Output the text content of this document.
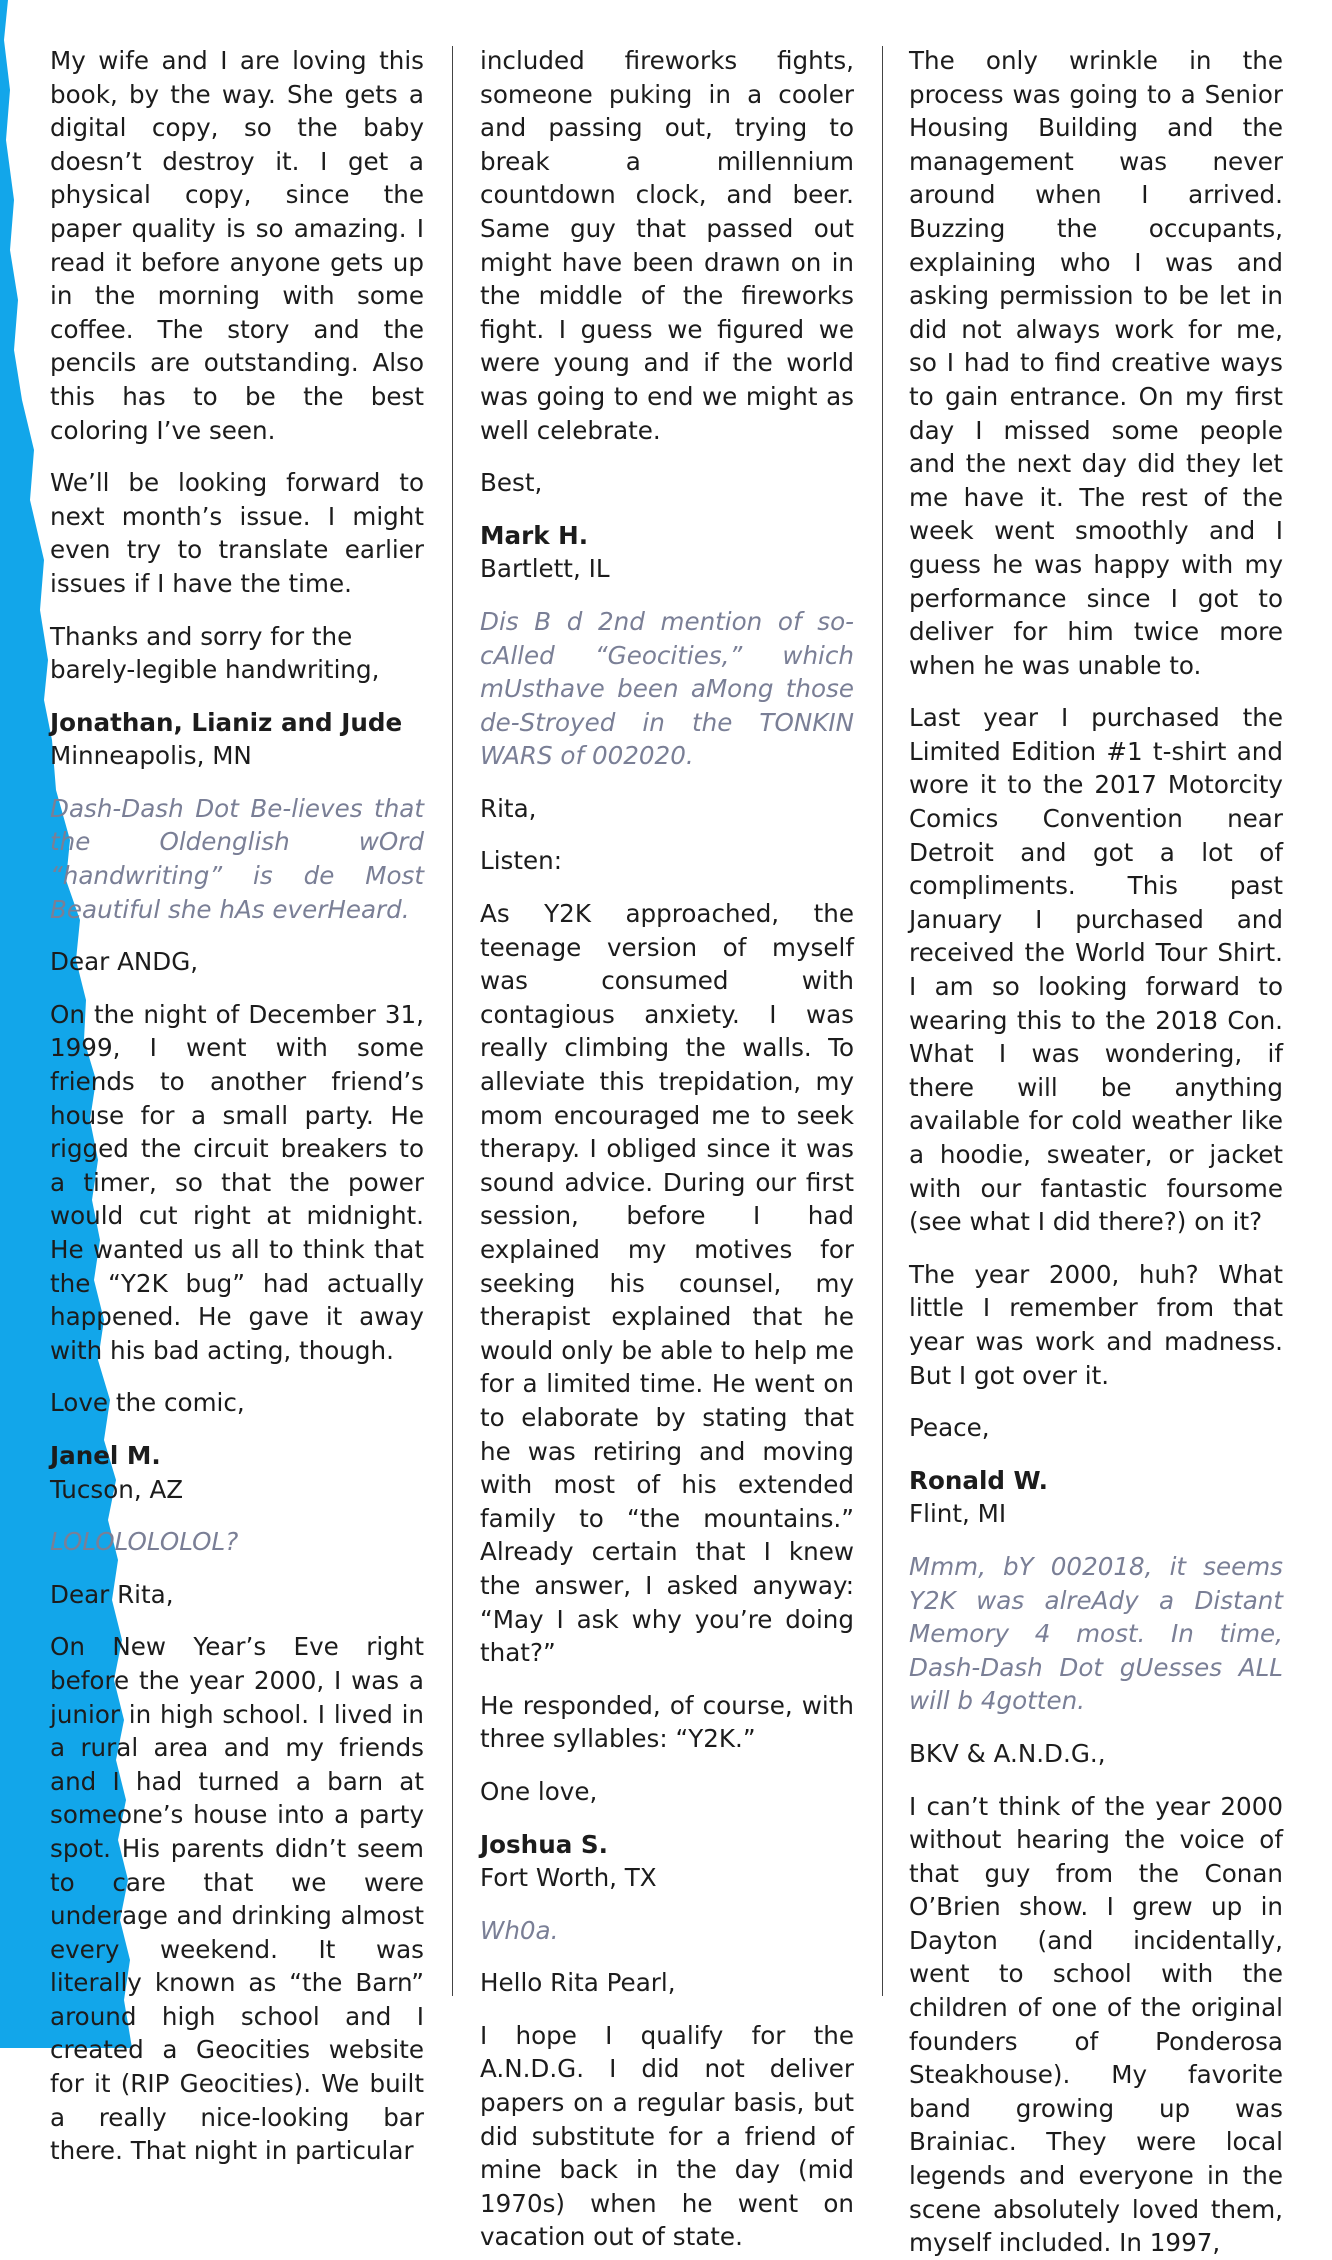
My wife and I are loving this book, by the way. She gets a digital copy, so the baby doesn’t destroy it. I get a physical copy, since the paper quality is so amazing. I read it before anyone gets up in the morning with some coffee. The story and the pencils are outstanding. Also this has to be the best coloring I’ve seen.

We’ll be looking forward to next month’s issue. I might even try to translate earlier issues if I have the time.

Thanks and sorry for the barely-legible handwriting,

Jonathan, Lianiz and Jude
Minneapolis, MN

Dash-Dash Dot Be-lieves that the Oldenglish wOrd “handwriting” is de Most Beautiful she hAs everHeard.

Dear ANDG,

On the night of December 31, 1999, I went with some friends to another friend’s house for a small party. He rigged the circuit breakers to a timer, so that the power would cut right at midnight. He wanted us all to think that the “Y2K bug” had actually happened. He gave it away with his bad acting, though.

Love the comic,

Janel M.
Tucson, AZ

LOLOLOLOLOL?

Dear Rita,

On New Year’s Eve right before the year 2000, I was a junior in high school. I lived in a rural area and my friends and I had turned a barn at someone’s house into a party spot. His parents didn’t seem to care that we were underage and drinking almost every weekend. It was literally known as “the Barn” around high school and I created a Geocities website for it (RIP Geocities). We built a really nice-looking bar there. That night in particular

included fireworks fights, someone puking in a cooler and passing out, trying to break a millennium countdown clock, and beer. Same guy that passed out might have been drawn on in the middle of the fireworks fight. I guess we figured we were young and if the world was going to end we might as well celebrate.

Best,

Mark H.
Bartlett, IL

Dis B d 2nd mention of so-cAlled “Geocities,” which mUsthave been aMong those de-Stroyed in the TONKIN WARS of 002020.

Rita,

Listen:

As Y2K approached, the teenage version of myself was consumed with contagious anxiety. I was really climbing the walls. To alleviate this trepidation, my mom encouraged me to seek therapy. I obliged since it was sound advice. During our first session, before I had explained my motives for seeking his counsel, my therapist explained that he would only be able to help me for a limited time. He went on to elaborate by stating that he was retiring and moving with most of his extended family to “the mountains.” Already certain that I knew the answer, I asked anyway: “May I ask why you’re doing that?”

He responded, of course, with three syllables: “Y2K.”

One love,

Joshua S.
Fort Worth, TX

Wh0a.

Hello Rita Pearl,

I hope I qualify for the A.N.D.G. I did not deliver papers on a regular basis, but did substitute for a friend of mine back in the day (mid 1970s) when he went on vacation out of state.

The only wrinkle in the process was going to a Senior Housing Building and the management was never around when I arrived. Buzzing the occupants, explaining who I was and asking permission to be let in did not always work for me, so I had to find creative ways to gain entrance. On my first day I missed some people and the next day did they let me have it. The rest of the week went smoothly and I guess he was happy with my performance since I got to deliver for him twice more when he was unable to.

Last year I purchased the Limited Edition #1 t-shirt and wore it to the 2017 Motorcity Comics Convention near Detroit and got a lot of compliments. This past January I purchased and received the World Tour Shirt. I am so looking forward to wearing this to the 2018 Con. What I was wondering, if there will be anything available for cold weather like a hoodie, sweater, or jacket with our fantastic foursome (see what I did there?) on it?

The year 2000, huh? What little I remember from that year was work and madness. But I got over it.

Peace,

Ronald W.
Flint, MI

Mmm, bY 002018, it seems Y2K was alreAdy a Distant Memory 4 most. In time, Dash-Dash Dot gUesses ALL will b 4gotten.

BKV & A.N.D.G.,

I can’t think of the year 2000 without hearing the voice of that guy from the Conan O’Brien show. I grew up in Dayton (and incidentally, went to school with the children of one of the original founders of Ponderosa Steakhouse). My favorite band growing up was Brainiac. They were local legends and everyone in the scene absolutely loved them, myself included. In 1997,
